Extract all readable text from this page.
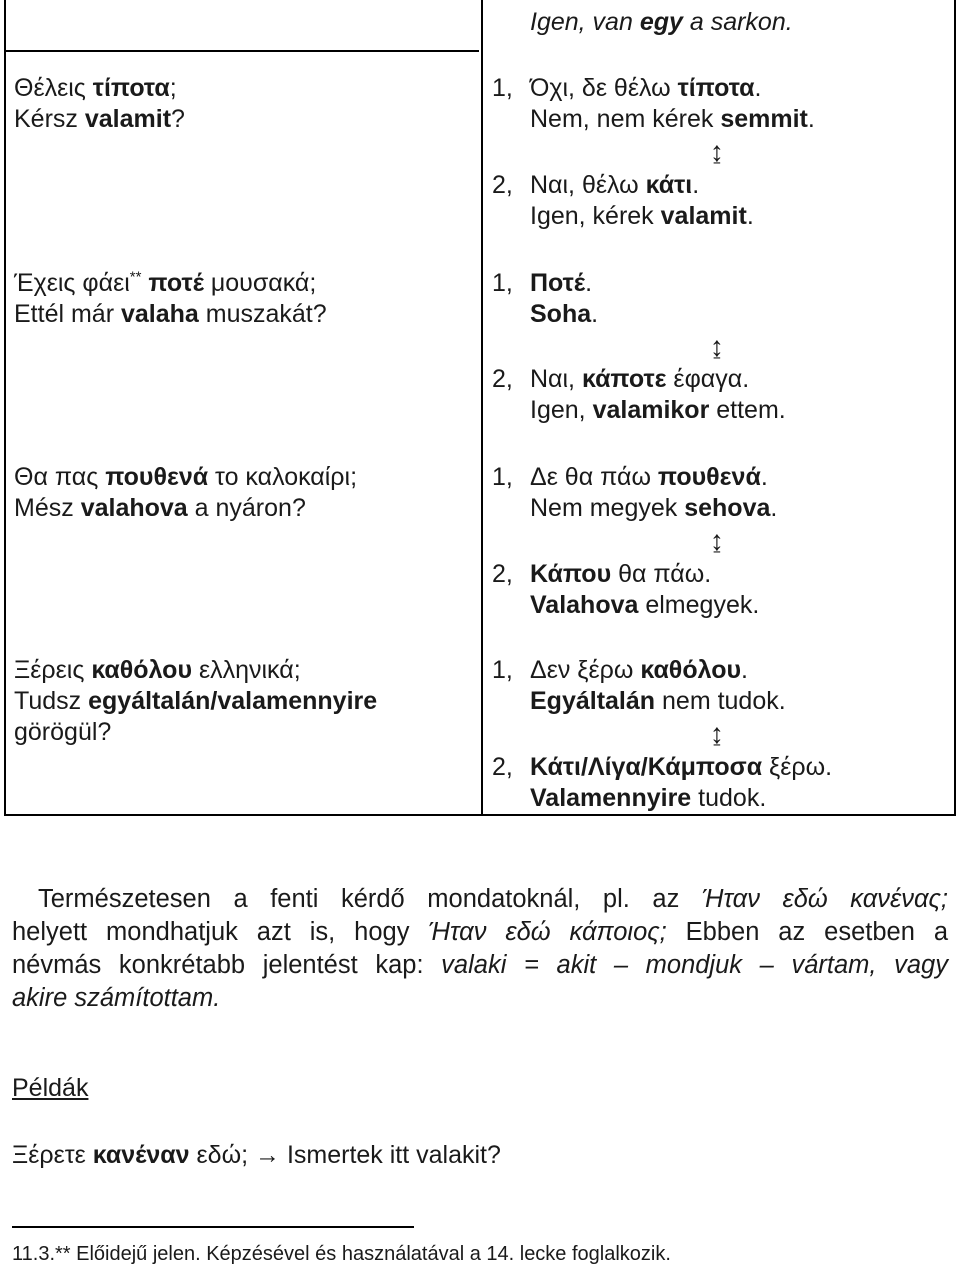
Igen, van egy a sarkon.
Θέλεις τίποτα;
Kérsz valamit?
1, Όχι, δε θέλω τίποτα.
Nem, nem kérek semmit.
↨
2, Ναι, θέλω κάτι.
Igen, kérek valamit.
Έχεις φάει** ποτέ μουσακά;
Ettél már valaha muszakát?
1, Ποτέ.
Soha.
↨
2, Ναι, κάποτε έφαγα.
Igen, valamikor ettem.
Θα πας πουθενά το καλοκαίρι;
Mész valahova a nyáron?
1, Δε θα πάω πουθενά.
Nem megyek sehova.
↨
2, Κάπου θα πάω.
Valahova elmegyek.
Ξέρεις καθόλου ελληνικά;
Tudsz egyáltalán/valamennyire
görögül?
1, Δεν ξέρω καθόλου.
Egyáltalán nem tudok.
↨
2, Κάτι/Λίγα/Κάμποσα ξέρω.
Valamennyire tudok.
Természetesen a fenti kérdő mondatoknál, pl. az Ήταν εδώ κανένας;
helyett mondhatjuk azt is, hogy Ήταν εδώ κάποιος; Ebben az esetben a
névmás konkrétabb jelentést kap: valaki = akit – mondjuk – vártam, vagy
akire számítottam.
Példák
Ξέρετε κανέναν εδώ; → Ismertek itt valakit?
11.3.** Előidejű jelen. Képzésével és használatával a 14. lecke foglalkozik.
